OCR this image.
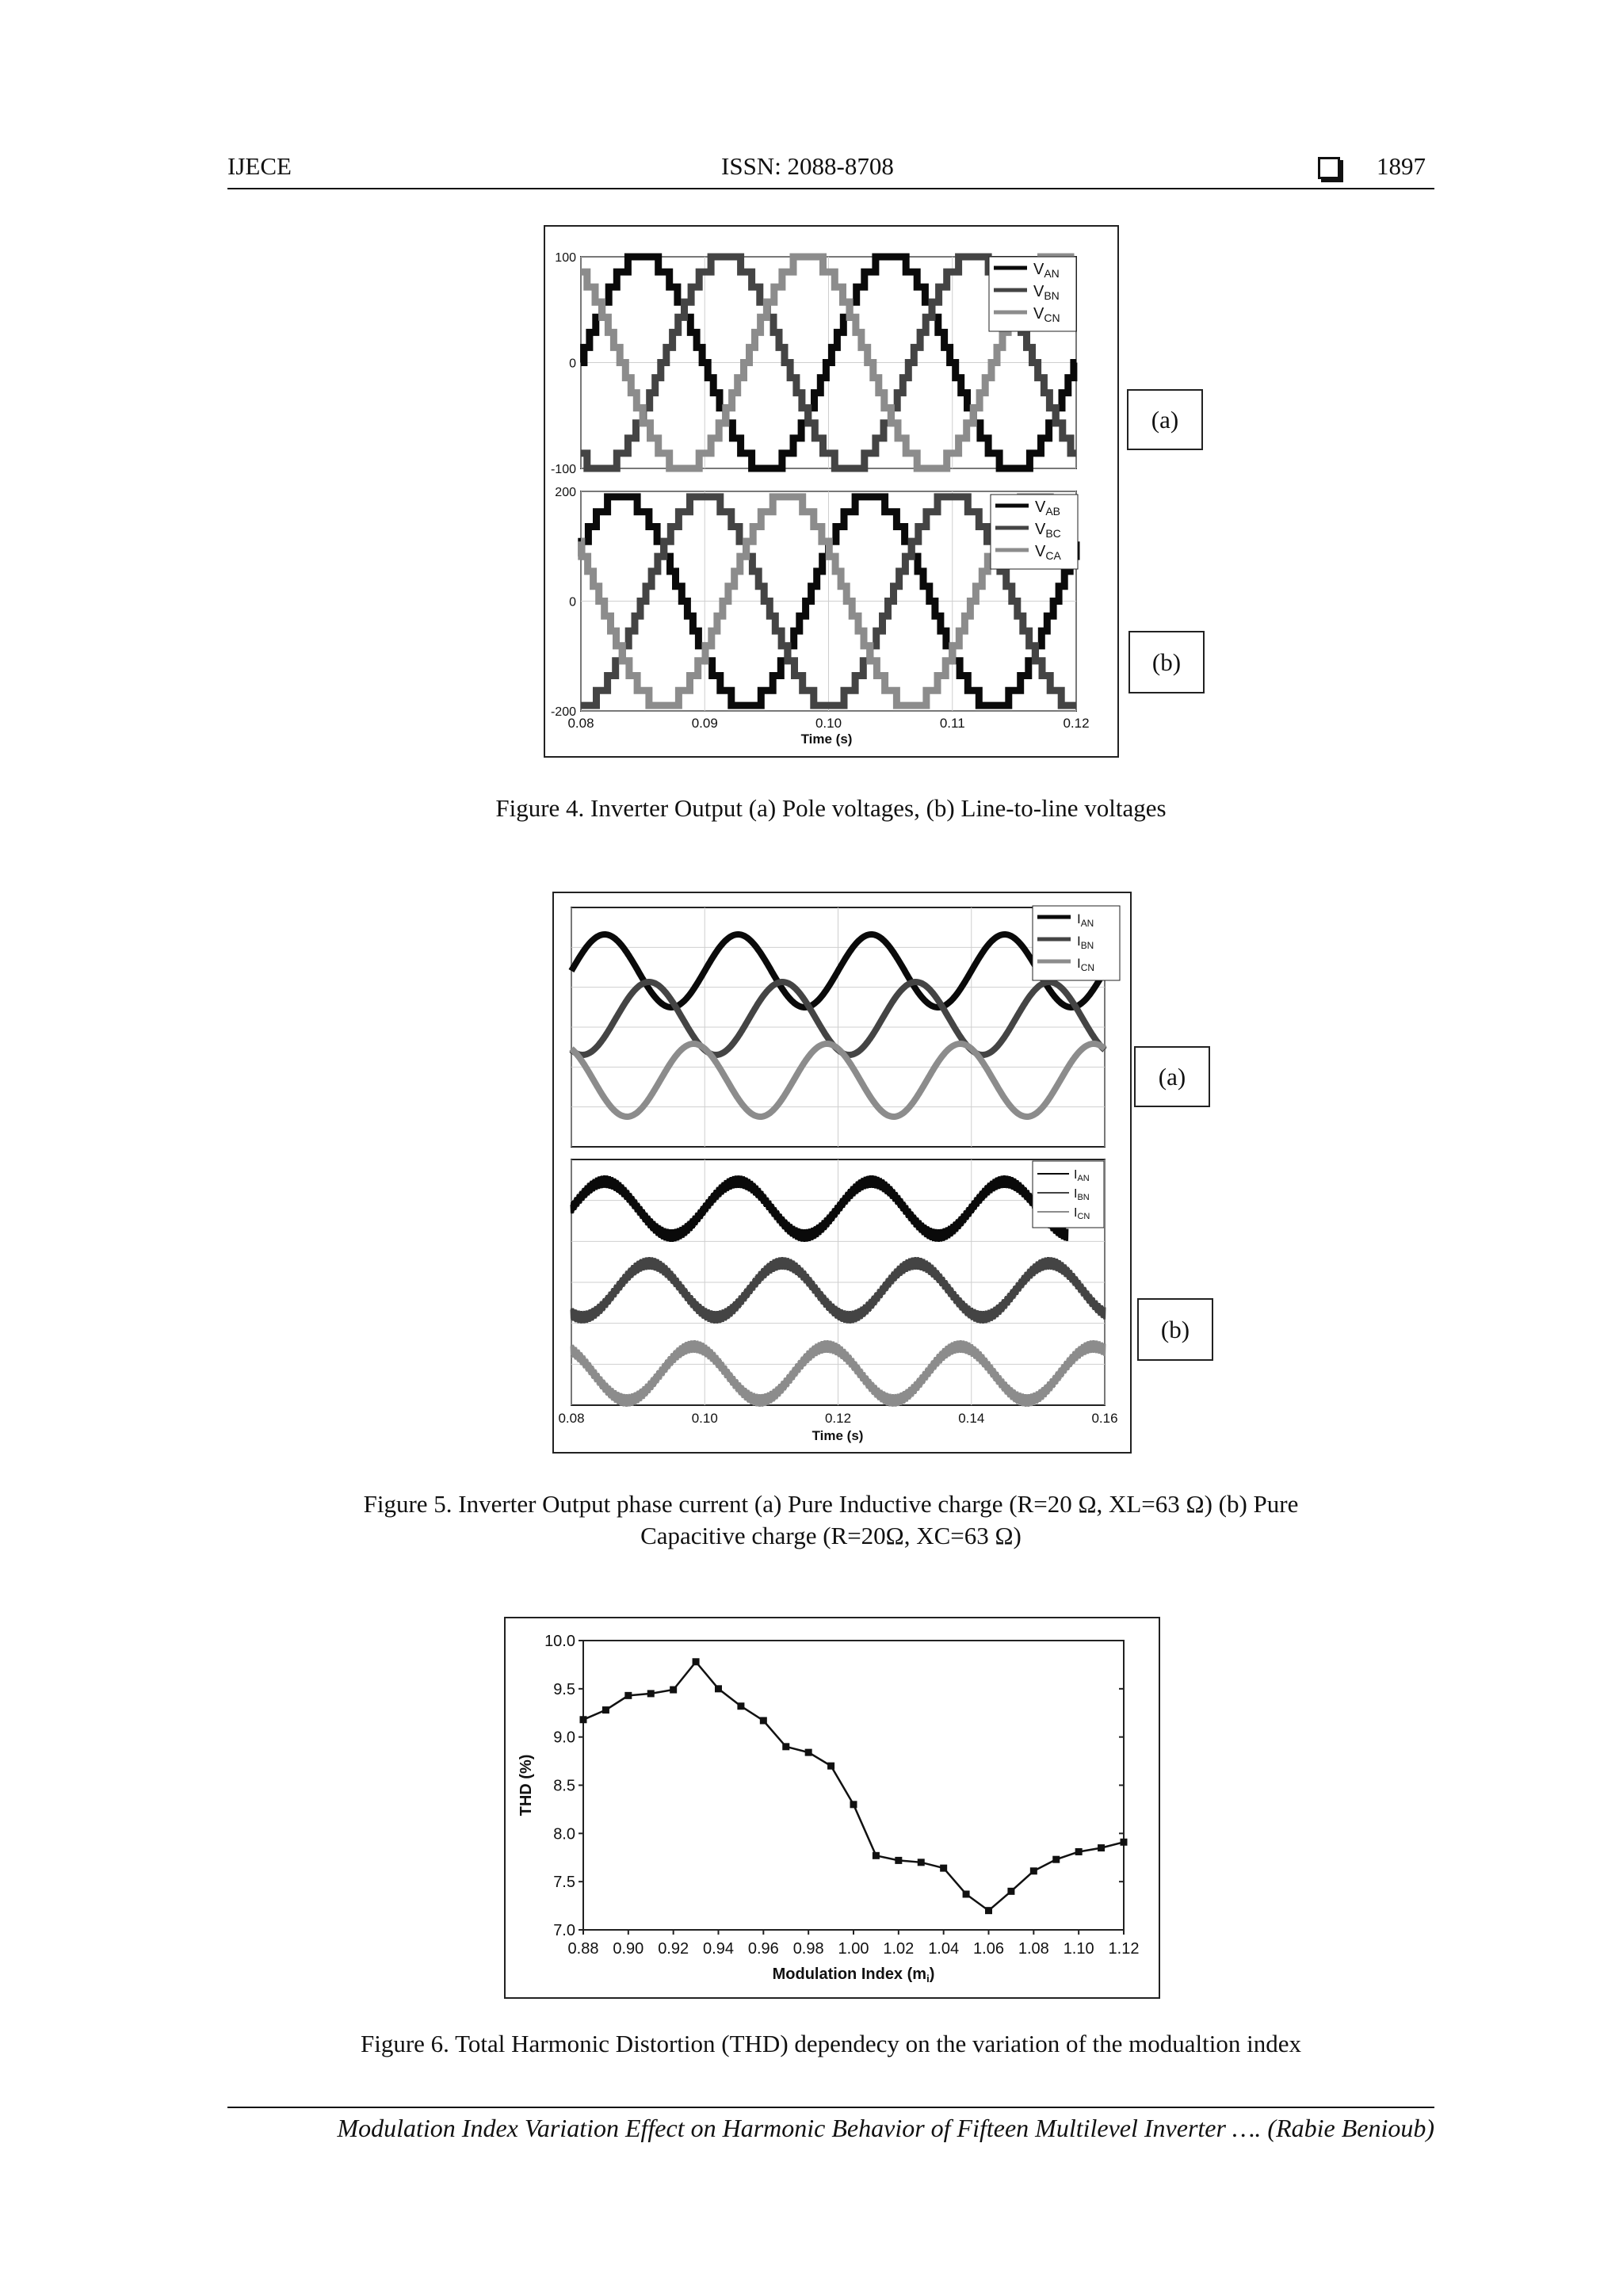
IJECE	ISSN: 2088-8708	1897
-100
0
100
$V_{AN}$
$V_{BN}$
$V_{CN}$
-200
0
200
$V_{AB}$
$V_{BC}$
$V_{CA}$
0.08	0.09	0.10	0.11	0.12
Time (s)
(a)
(b)
Figure 4. Inverter Output (a) Pole voltages, (b) Line-to-line voltages
$I_{AN}$
$I_{BN}$
$I_{CN}$
IAN
IBN
ICN
0.08	0.10	0.12	0.14	0.16
Time (s)
(a)
(b)
Figure 5. Inverter Output phase current (a) Pure Inductive charge (R=20 Ω, XL=63 Ω) (b) Pure
Capacitive charge (R=20Ω, XC=63 Ω)
7.0
7.5
8.0
8.5
9.0
9.5
10.0
0.88 0.90 0.92 0.94 0.96 0.98 1.00 1.02 1.04 1.06 1.08 1.10 1.12
Modulation Index $(m_i)$
THD (%)
Figure 6. Total Harmonic Distortion (THD) dependecy on the variation of the modualtion index
Modulation Index Variation Effect on Harmonic Behavior of Fifteen Multilevel Inverter …. (Rabie Benioub)
